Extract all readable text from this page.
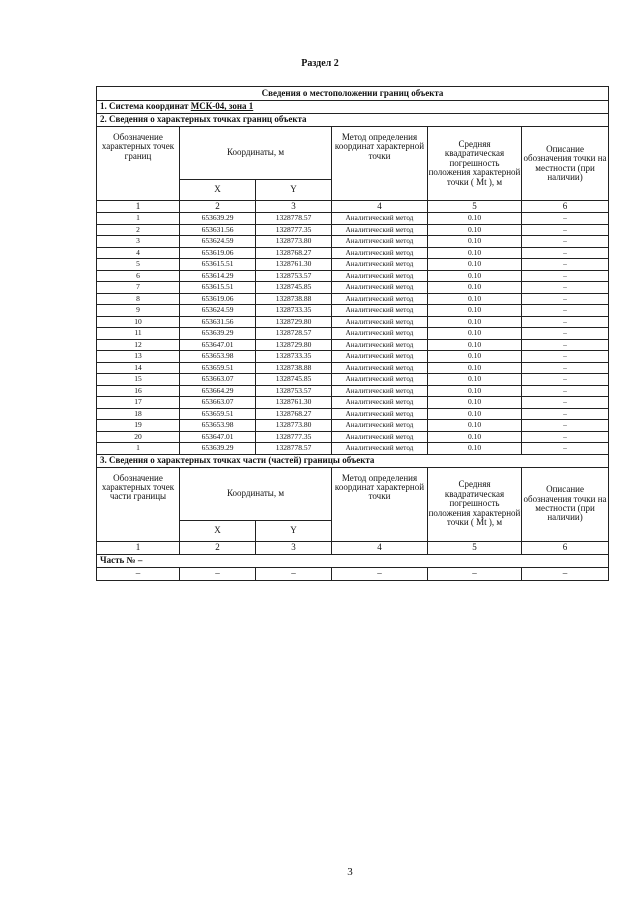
Раздел 2
Сведения о местоположении границ объекта					
1. Система координат МСК-04, зона 1					
2. Сведения о характерных точках границ объекта					
Обозначение характерных точек границ	Координаты, м		Метод определения координат характерной точки	Средняя квадратическая погрешность положения характерной точки ( Mt ), м	Описание обозначения точки на местности (при наличии)
	X	Y			
1	2	3	4	5	6
1	653639.29	1328778.57	Аналитический метод	0.10	–
2	653631.56	1328777.35	Аналитический метод	0.10	–
3	653624.59	1328773.80	Аналитический метод	0.10	–
4	653619.06	1328768.27	Аналитический метод	0.10	–
5	653615.51	1328761.30	Аналитический метод	0.10	–
6	653614.29	1328753.57	Аналитический метод	0.10	–
7	653615.51	1328745.85	Аналитический метод	0.10	–
8	653619.06	1328738.88	Аналитический метод	0.10	–
9	653624.59	1328733.35	Аналитический метод	0.10	–
10	653631.56	1328729.80	Аналитический метод	0.10	–
11	653639.29	1328728.57	Аналитический метод	0.10	–
12	653647.01	1328729.80	Аналитический метод	0.10	–
13	653653.98	1328733.35	Аналитический метод	0.10	–
14	653659.51	1328738.88	Аналитический метод	0.10	–
15	653663.07	1328745.85	Аналитический метод	0.10	–
16	653664.29	1328753.57	Аналитический метод	0.10	–
17	653663.07	1328761.30	Аналитический метод	0.10	–
18	653659.51	1328768.27	Аналитический метод	0.10	–
19	653653.98	1328773.80	Аналитический метод	0.10	–
20	653647.01	1328777.35	Аналитический метод	0.10	–
1	653639.29	1328778.57	Аналитический метод	0.10	–
3. Сведения о характерных точках части (частей) границы объекта					
Обозначение характерных точек части границы	Координаты, м		Метод определения координат характерной точки	Средняя квадратическая погрешность положения характерной точки ( Mt ), м	Описание обозначения точки на местности (при наличии)
	X	Y			
1	2	3	4	5	6
Часть № –					
–	–	–	–	–	–
3
